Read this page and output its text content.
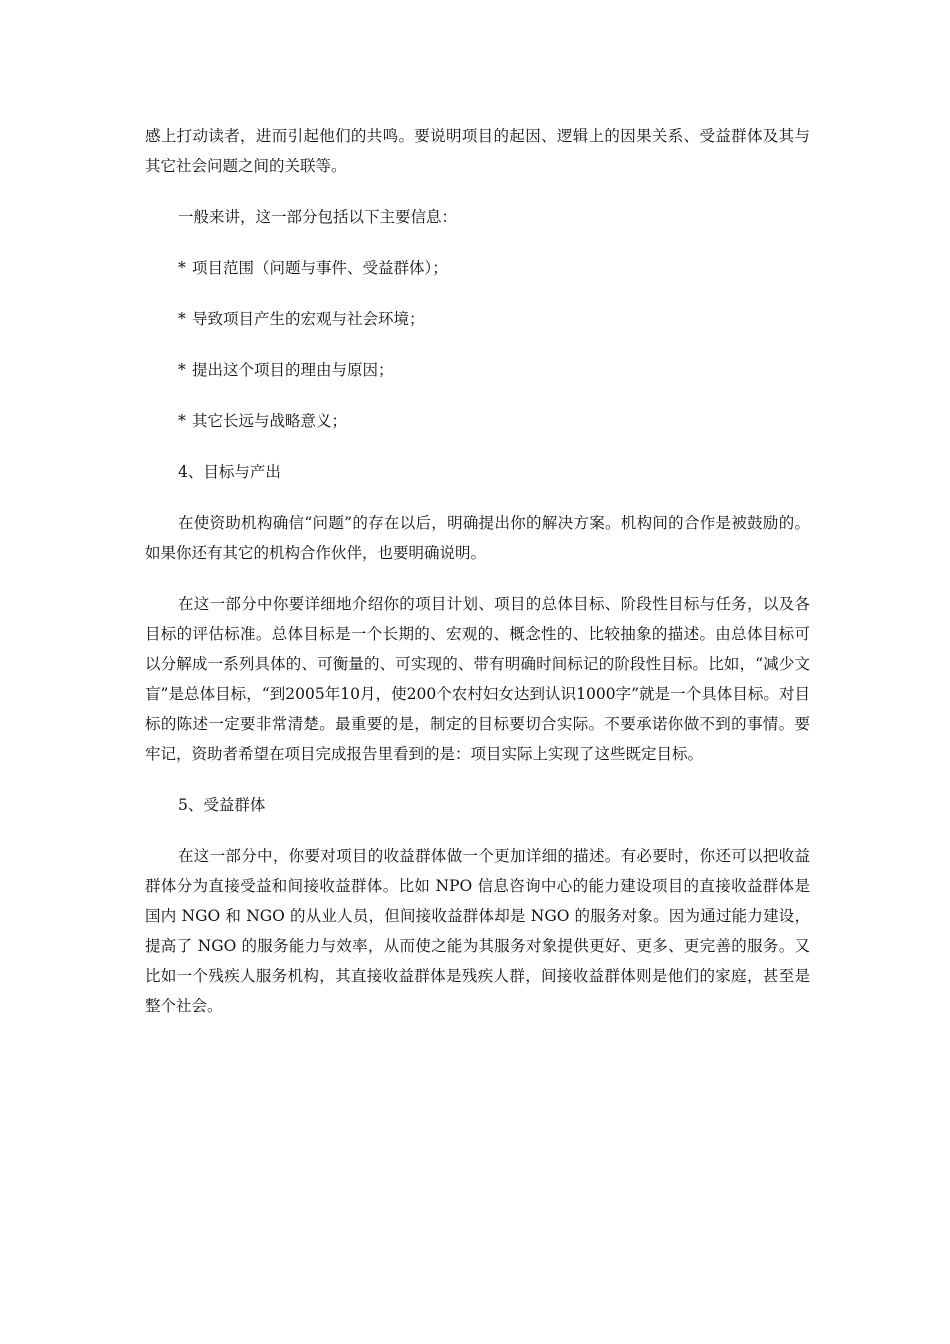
感上打动读者，进而引起他们的共鸣。要说明项目的起因、逻辑上的因果关系、受益群体及其与其它社会问题之间的关联等。

一般来讲，这一部分包括以下主要信息：

* 项目范围（问题与事件、受益群体）；
* 导致项目产生的宏观与社会环境；
* 提出这个项目的理由与原因；
* 其它长远与战略意义；
4、目标与产出

在使资助机构确信“问题”的存在以后，明确提出你的解决方案。机构间的合作是被鼓励的。如果你还有其它的机构合作伙伴，也要明确说明。

在这一部分中你要详细地介绍你的项目计划、项目的总体目标、阶段性目标与任务，以及各目标的评估标准。总体目标是一个长期的、宏观的、概念性的、比较抽象的描述。由总体目标可以分解成一系列具体的、可衡量的、可实现的、带有明确时间标记的阶段性目标。比如，“减少文盲”是总体目标，“到2005年10月，使200个农村妇女达到认识1000字”就是一个具体目标。对目标的陈述一定要非常清楚。最重要的是，制定的目标要切合实际。不要承诺你做不到的事情。要牢记，资助者希望在项目完成报告里看到的是：项目实际上实现了这些既定目标。

5、受益群体

在这一部分中，你要对项目的收益群体做一个更加详细的描述。有必要时，你还可以把收益群体分为直接受益和间接收益群体。比如 NPO 信息咨询中心的能力建设项目的直接收益群体是国内 NGO 和 NGO 的从业人员，但间接收益群体却是 NGO 的服务对象。因为通过能力建设，提高了 NGO 的服务能力与效率，从而使之能为其服务对象提供更好、更多、更完善的服务。又比如一个残疾人服务机构，其直接收益群体是残疾人群，间接收益群体则是他们的家庭，甚至是整个社会。
